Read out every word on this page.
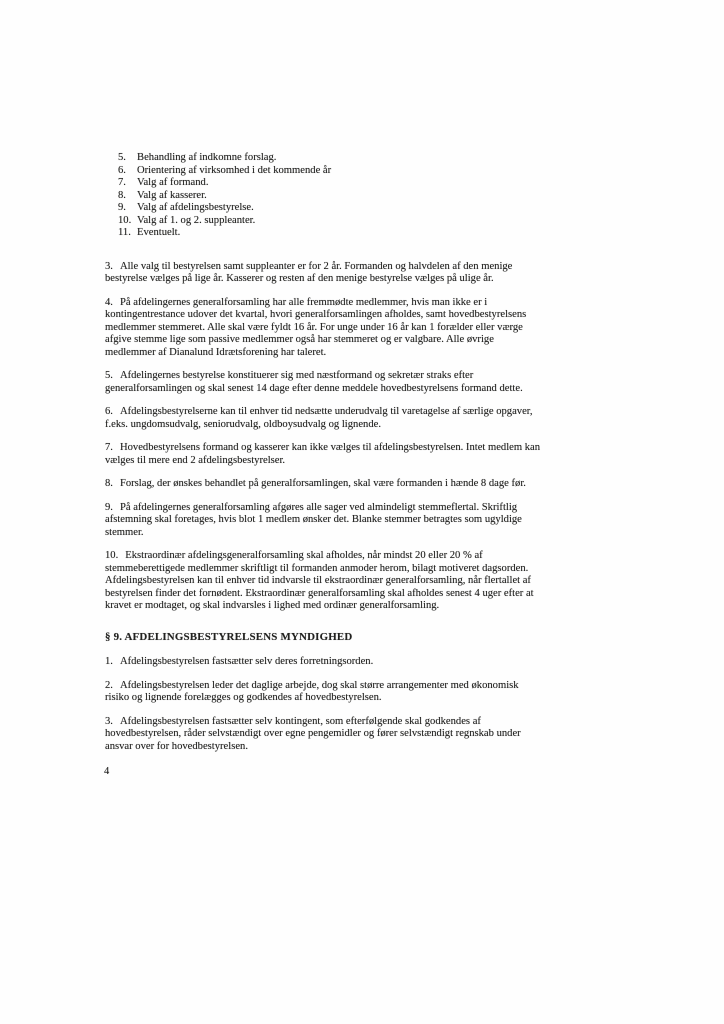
5.	Behandling af indkomne forslag.
6.	Orientering af virksomhed i det kommende år
7.	Valg af formand.
8.	Valg af kasserer.
9.	Valg af afdelingsbestyrelse.
10. Valg af 1. og 2. suppleanter.
11. Eventuelt.

3. Alle valg til bestyrelsen samt suppleanter er for 2 år. Formanden og halvdelen af den menige bestyrelse vælges på lige år. Kasserer og resten af den menige bestyrelse vælges på ulige år.

4. På afdelingernes generalforsamling har alle fremmødte medlemmer, hvis man ikke er i kontingentrestance udover det kvartal, hvori generalforsamlingen afholdes, samt hovedbestyrelsens medlemmer stemmeret. Alle skal være fyldt 16 år. For unge under 16 år kan 1 forælder eller værge afgive stemme lige som passive medlemmer også har stemmeret og er valgbare. Alle øvrige medlemmer af Dianalund Idrætsforening har taleret.

5. Afdelingernes bestyrelse konstituerer sig med næstformand og sekretær straks efter generalforsamlingen og skal senest 14 dage efter denne meddele hovedbestyrelsens formand dette.

6. Afdelingsbestyrelserne kan til enhver tid nedsætte underudvalg til varetagelse af særlige opgaver, f.eks. ungdomsudvalg, seniorudvalg, oldboysudvalg og lignende.

7. Hovedbestyrelsens formand og kasserer kan ikke vælges til afdelingsbestyrelsen. Intet medlem kan vælges til mere end 2 afdelingsbestyrelser.

8. Forslag, der ønskes behandlet på generalforsamlingen, skal være formanden i hænde 8 dage før.

9. På afdelingernes generalforsamling afgøres alle sager ved almindeligt stemmeflertal. Skriftlig afstemning skal foretages, hvis blot 1 medlem ønsker det. Blanke stemmer betragtes som ugyldige stemmer.

10. Ekstraordinær afdelingsgeneralforsamling skal afholdes, når mindst 20 eller 20 % af stemmeberettigede medlemmer skriftligt til formanden anmoder herom, bilagt motiveret dagsorden. Afdelingsbestyrelsen kan til enhver tid indvarsle til ekstraordinær generalforsamling, når flertallet af bestyrelsen finder det fornødent. Ekstraordinær generalforsamling skal afholdes senest 4 uger efter at kravet er modtaget, og skal indvarsles i lighed med ordinær generalforsamling.

§ 9. AFDELINGSBESTYRELSENS MYNDIGHED

1. Afdelingsbestyrelsen fastsætter selv deres forretningsorden.

2. Afdelingsbestyrelsen leder det daglige arbejde, dog skal større arrangementer med økonomisk risiko og lignende forelægges og godkendes af hovedbestyrelsen.

3. Afdelingsbestyrelsen fastsætter selv kontingent, som efterfølgende skal godkendes af hovedbestyrelsen, råder selvstændigt over egne pengemidler og fører selvstændigt regnskab under ansvar over for hovedbestyrelsen.

4
